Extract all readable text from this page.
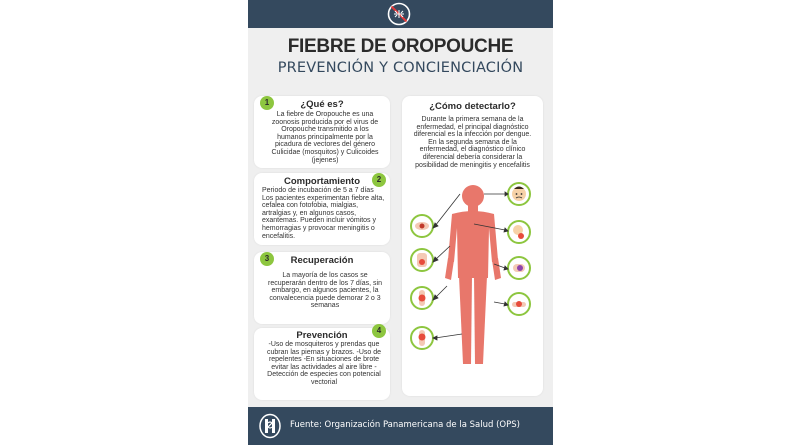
FIEBRE DE OROPOUCHE
PREVENCIÓN Y CONCIENCIACIÓN
1	¿Qué es?
La fiebre de Oropouche es una zoonosis producida por el virus de Oropouche transmitido a los humanos principalmente por la picadura de vectores del género Culicidae (mosquitos) y Culicoides (jejenes)
2
Comportamiento
Periodo de incubación de 5 a 7 días Los pacientes experimentan fiebre alta, cefalea con fotofobia, mialgias, artralgias y, en algunos casos, exantemas. Pueden incluir vómitos y hemorragias y provocar meningitis o encefalitis.
3	Recuperación
La mayoría de los casos se recuperarán dentro de los 7 días, sin embargo, en algunos pacientes, la convalecencia puede demorar 2 o 3 semanas
4
Prevención
-Uso de mosquiteros y prendas que cubran las piernas y brazos. -Uso de repelentes -En situaciones de brote evitar las actividades al aire libre -Detección de especies con potencial vectorial
¿Cómo detectarlo?
Durante la primera semana de la enfermedad, el principal diagnóstico diferencial es la infección por dengue. En la segunda semana de la enfermedad, el diagnóstico clínico diferencial debería considerar la posibilidad de meningitis y encefalitis
Fuente: Organización Panamericana de la Salud (OPS)
